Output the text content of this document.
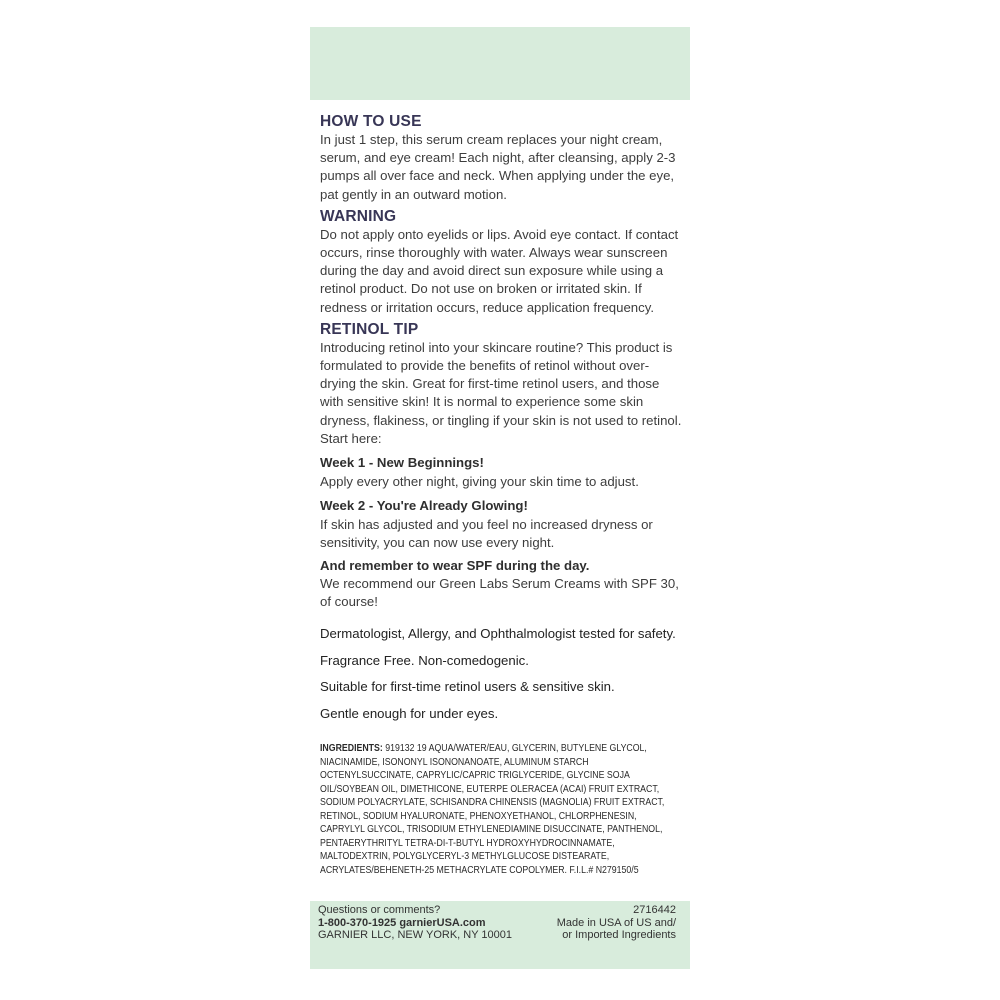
HOW TO USE

In just 1 step, this serum cream replaces your night cream, serum, and eye cream! Each night, after cleansing, apply 2-3 pumps all over face and neck. When applying under the eye, pat gently in an outward motion.

WARNING

Do not apply onto eyelids or lips. Avoid eye contact. If contact occurs, rinse thoroughly with water. Always wear sunscreen during the day and avoid direct sun exposure while using a retinol product. Do not use on broken or irritated skin. If redness or irritation occurs, reduce application frequency.

RETINOL TIP

Introducing retinol into your skincare routine? This product is formulated to provide the benefits of retinol without over-drying the skin. Great for first-time retinol users, and those with sensitive skin! It is normal to experience some skin dryness, flakiness, or tingling if your skin is not used to retinol. Start here:

Week 1 - New Beginnings!

Apply every other night, giving your skin time to adjust.

Week 2 - You're Already Glowing!

If skin has adjusted and you feel no increased dryness or sensitivity, you can now use every night.

And remember to wear SPF during the day.

We recommend our Green Labs Serum Creams with SPF 30, of course!

Dermatologist, Allergy, and Ophthalmologist tested for safety.

Fragrance Free. Non-comedogenic.

Suitable for first-time retinol users & sensitive skin.

Gentle enough for under eyes.

INGREDIENTS: 919132 19 AQUA/WATER/EAU, GLYCERIN, BUTYLENE GLYCOL, NIACINAMIDE, ISONONYL ISONONANOATE, ALUMINUM STARCH OCTENYLSUCCINATE, CAPRYLIC/CAPRIC TRIGLYCERIDE, GLYCINE SOJA OIL/SOYBEAN OIL, DIMETHICONE, EUTERPE OLERACEA (ACAI) FRUIT EXTRACT, SODIUM POLYACRYLATE, SCHISANDRA CHINENSIS (MAGNOLIA) FRUIT EXTRACT, RETINOL, SODIUM HYALURONATE, PHENOXYETHANOL, CHLORPHENESIN, CAPRYLYL GLYCOL, TRISODIUM ETHYLENEDIAMINE DISUCCINATE, PANTHENOL, PENTAERYTHRITYL TETRA-DI-T-BUTYL HYDROXYHYDROCINNAMATE, MALTODEXTRIN, POLYGLYCERYL-3 METHYLGLUCOSE DISTEARATE, ACRYLATES/BEHENETH-25 METHACRYLATE COPOLYMER. F.I.L.# N279150/5
Questions or comments?
1-800-370-1925 garnierUSA.com
GARNIER LLC, NEW YORK, NY 10001
2716442
Made in USA of US and/
or Imported Ingredients
